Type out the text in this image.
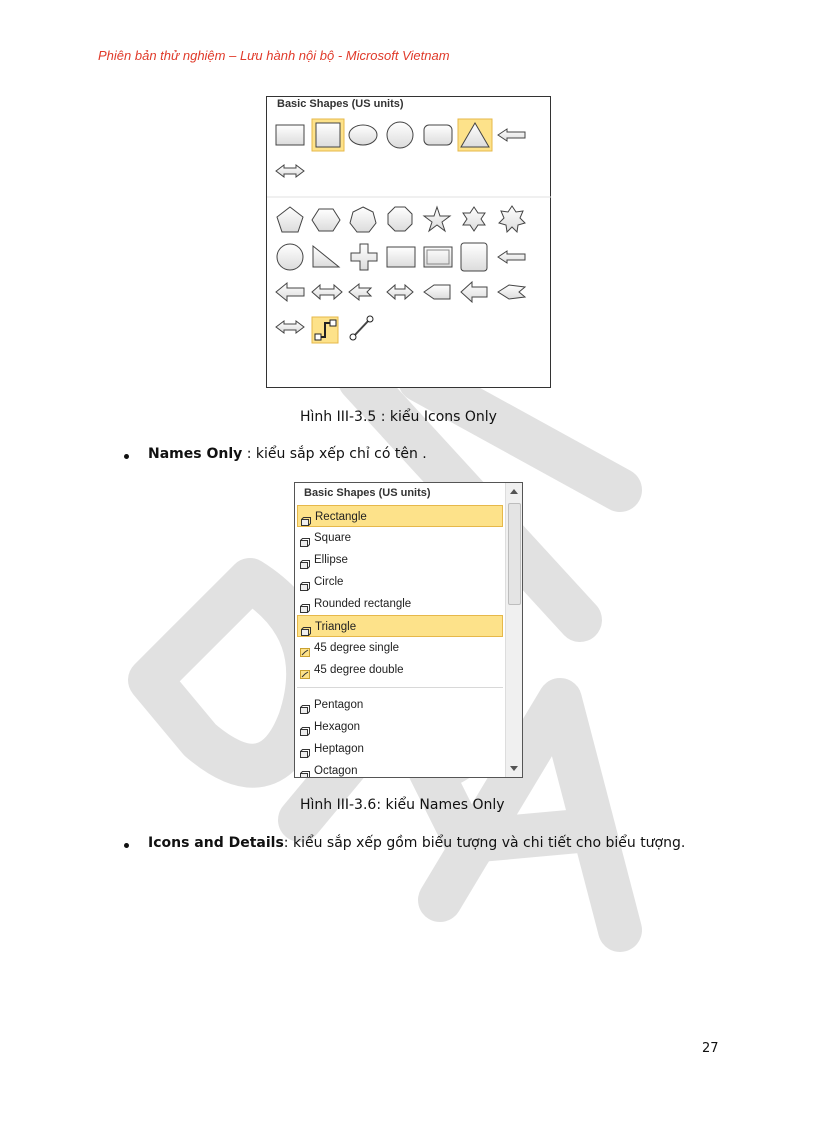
Phiên bản thử nghiệm – Lưu hành nội bộ - Microsoft Vietnam
Basic Shapes (US units)
Hình III-3.5 : kiểu Icons Only
Names Only : kiểu sắp xếp chỉ có tên .
Basic Shapes (US units)
Rectangle
Square
Ellipse
Circle
Rounded rectangle
Triangle
45 degree single
45 degree double
Pentagon
Hexagon
Heptagon
Octagon
Hình III-3.6: kiểu Names Only
Icons and Details: kiểu sắp xếp gồm biểu tượng và chi tiết cho biểu tượng.
27
